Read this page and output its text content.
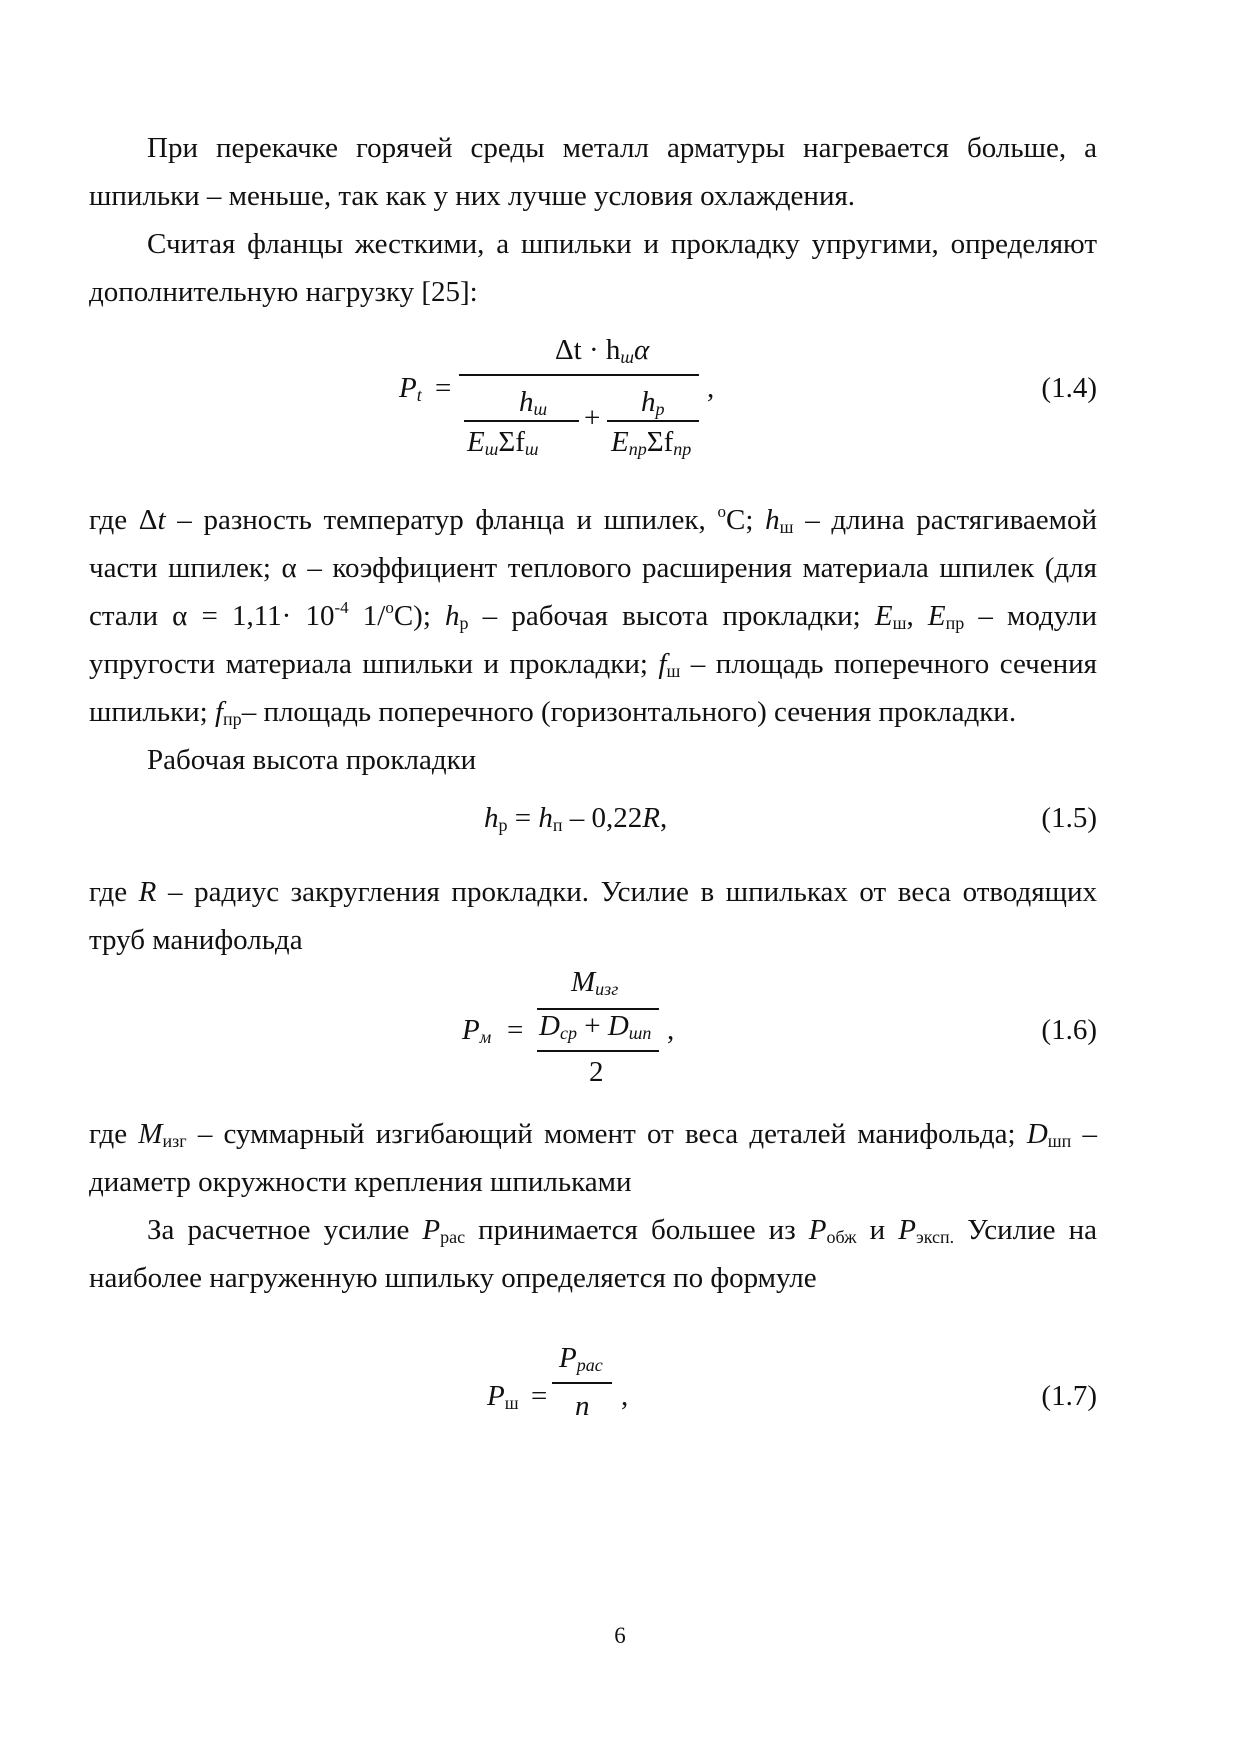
При перекачке горячей среды металл арматуры нагревается больше, а шпильки – меньше, так как у них лучше условия охлаждения.

Считая фланцы жесткими, а шпильки и прокладку упругими, определяют дополнительную нагрузку [25]:

$P_t$ =
$\Delta t \cdot h_ш\alpha$
$h_ш$
$E_ш\Sigma f_ш$
+ $h_p$
$E_{пр}\Sigma f_{пр}$
,	(1.4)

где Δt – разность температур фланца и шпилек, $^o$С; $h_ш$ – длина растягиваемой части шпилек; α – коэффициент теплового расширения материала шпилек (для стали $\alpha = 1,11\cdot 10^{-4}$ 1/$^o$С); $h_p$ – рабочая высота прокладки; $E_ш$, $E_{пр}$ – модули упругости материала шпильки и прокладки; $f_ш$ – площадь поперечного сечения шпильки; $f_{пр}-$ площадь поперечного (горизонтального) сечения прокладки.

Рабочая высота прокладки

$h_p = h_п - 0,22R$,	(1.5)

где R – радиус закругления прокладки. Усилие в шпильках от веса отводящих труб манифольда

$P_м$ =
$M_{изг}$
$D_{ср} + D_{шп}$
2
,	(1.6)

где $M_{изг}$ – суммарный изгибающий момент от веса деталей манифольда; $D_{шп}$ – диаметр окружности крепления шпильками

За расчетное усилие $P_{рас}$ принимается большее из $P_{обж}$ и $P_{эксп.}$ Усилие на наиболее нагруженную шпильку определяется по формуле

$P_ш$ =
$P_{рас}$
n ,	(1.7)
6
